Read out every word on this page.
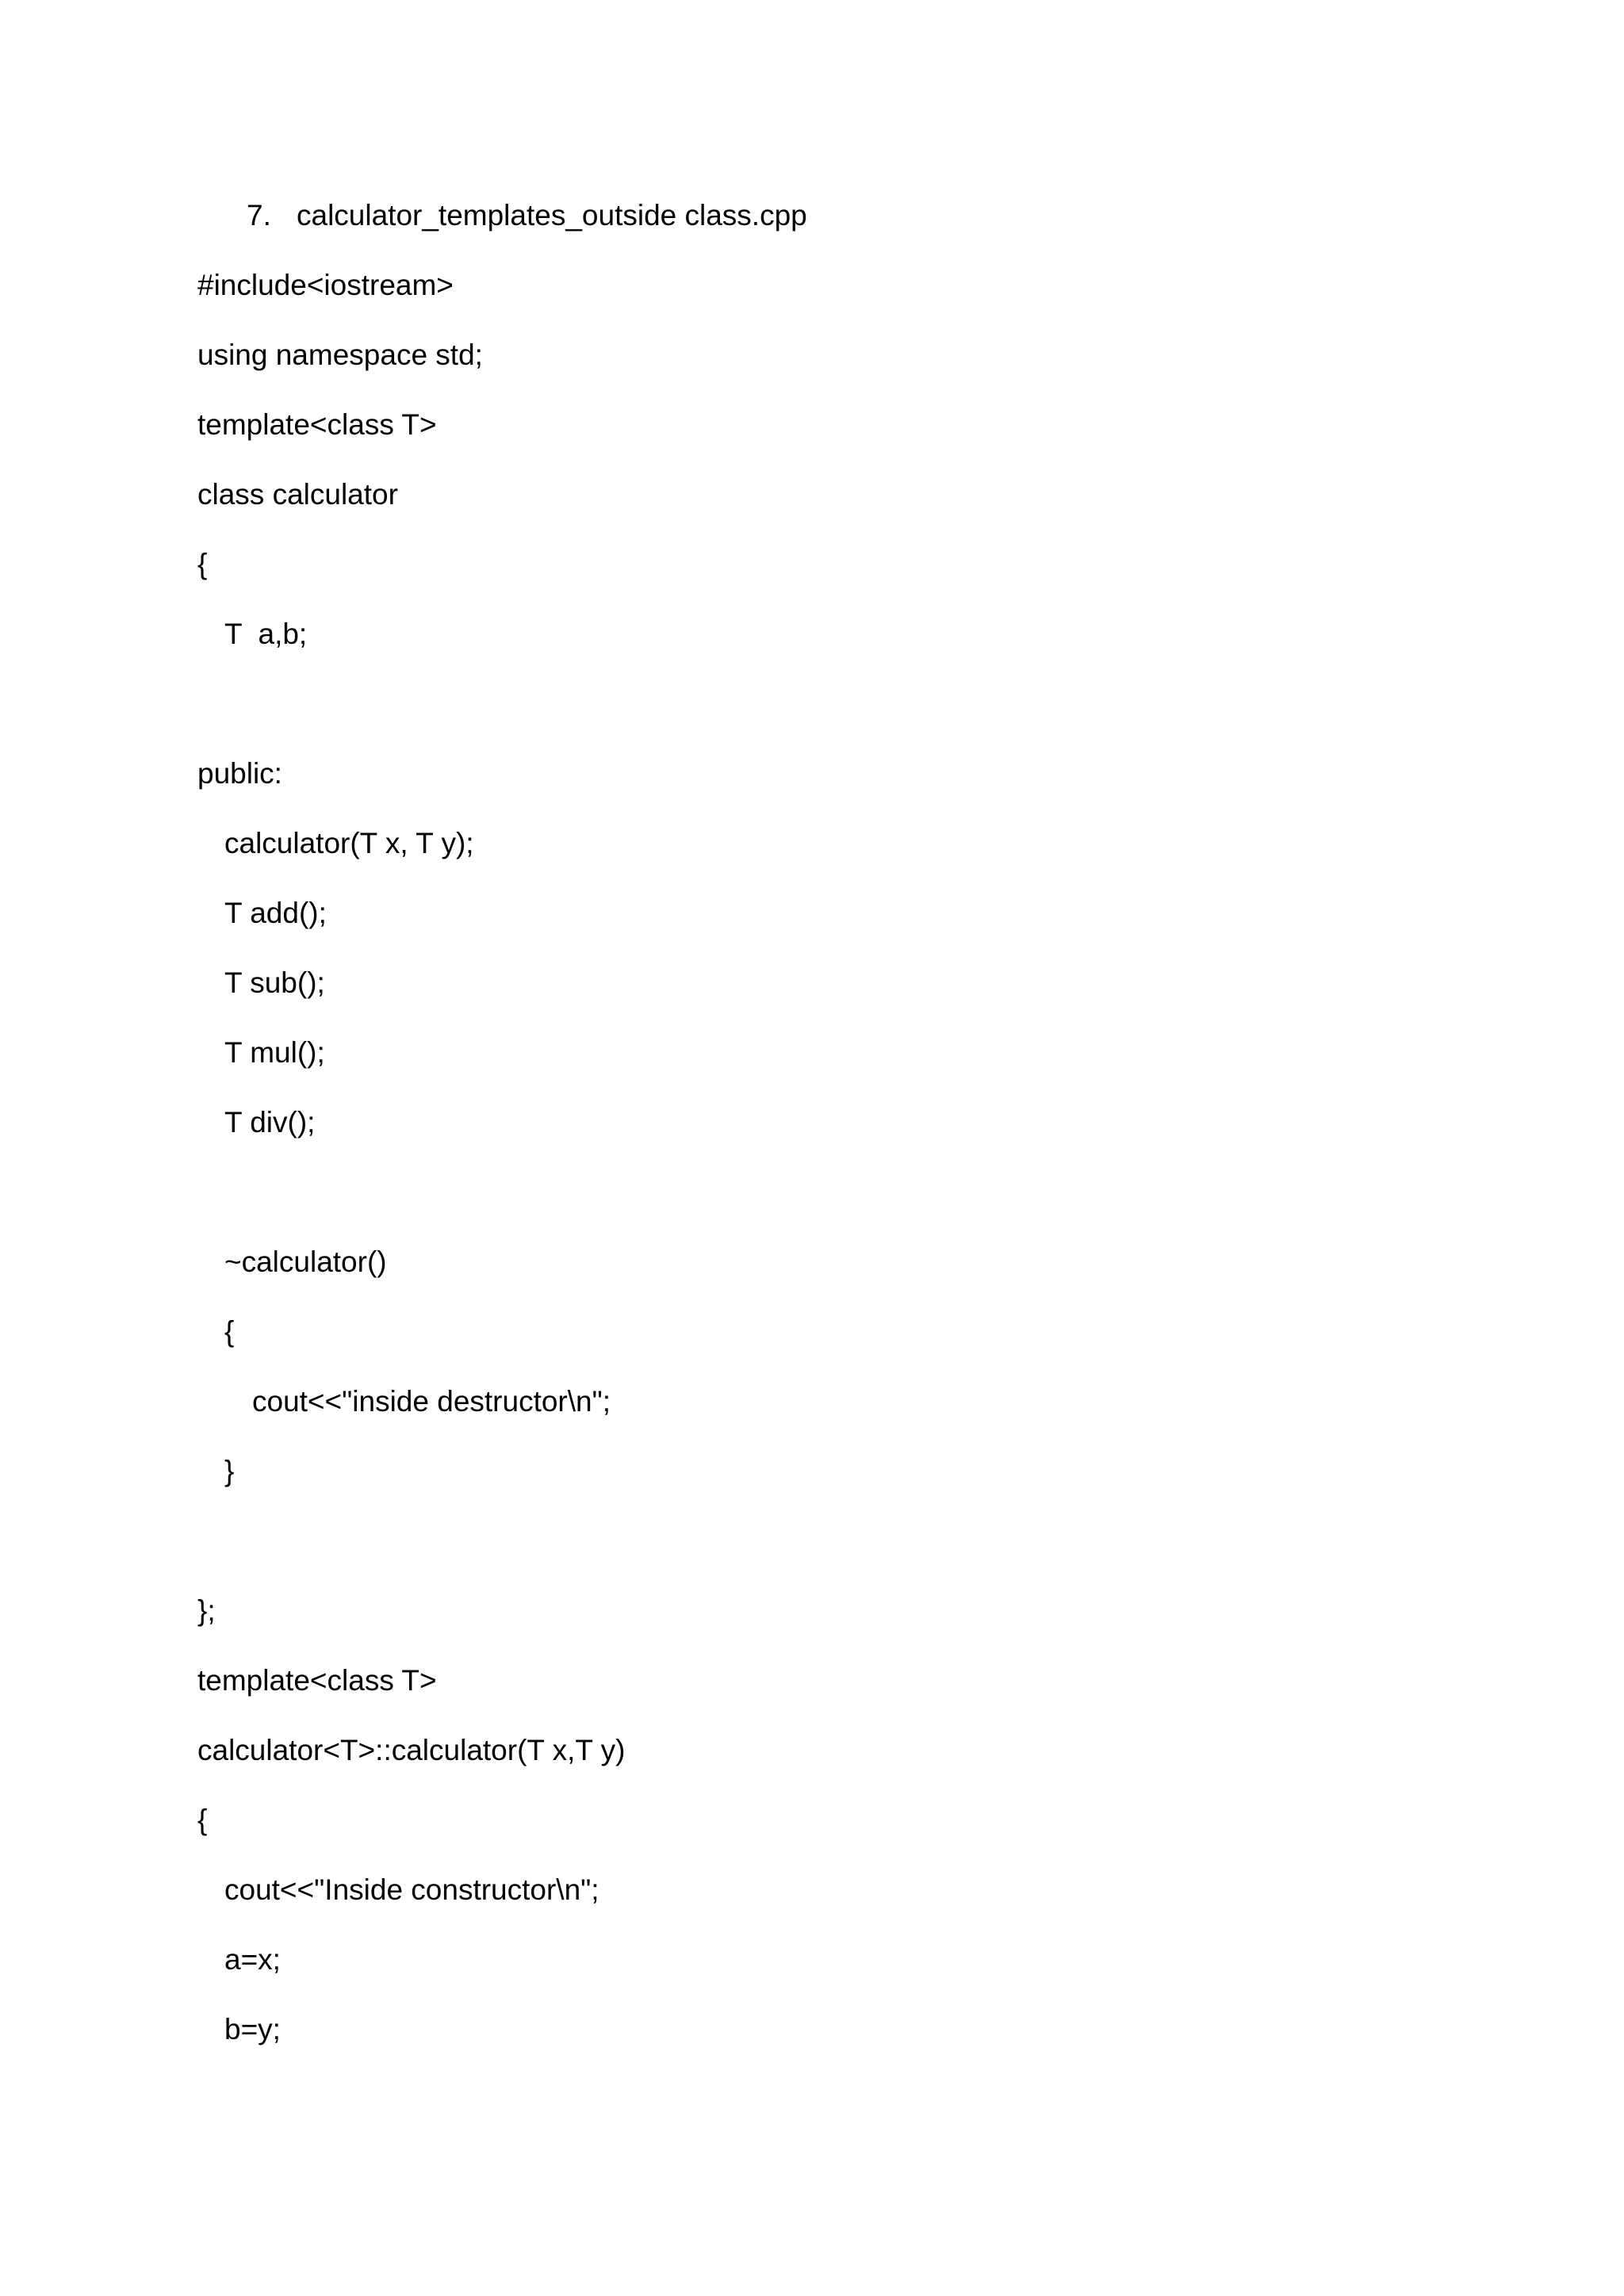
7. calculator_templates_outside class.cpp
#include<iostream>
using namespace std;
template<class T>
class calculator
{
T  a,b;
public:
calculator(T x, T y);
T add();
T sub();
T mul();
T div();
~calculator()
{
cout<<"inside destructor\n";
}
};
template<class T>
calculator<T>::calculator(T x,T y)
{
cout<<"Inside constructor\n";
a=x;
b=y;
